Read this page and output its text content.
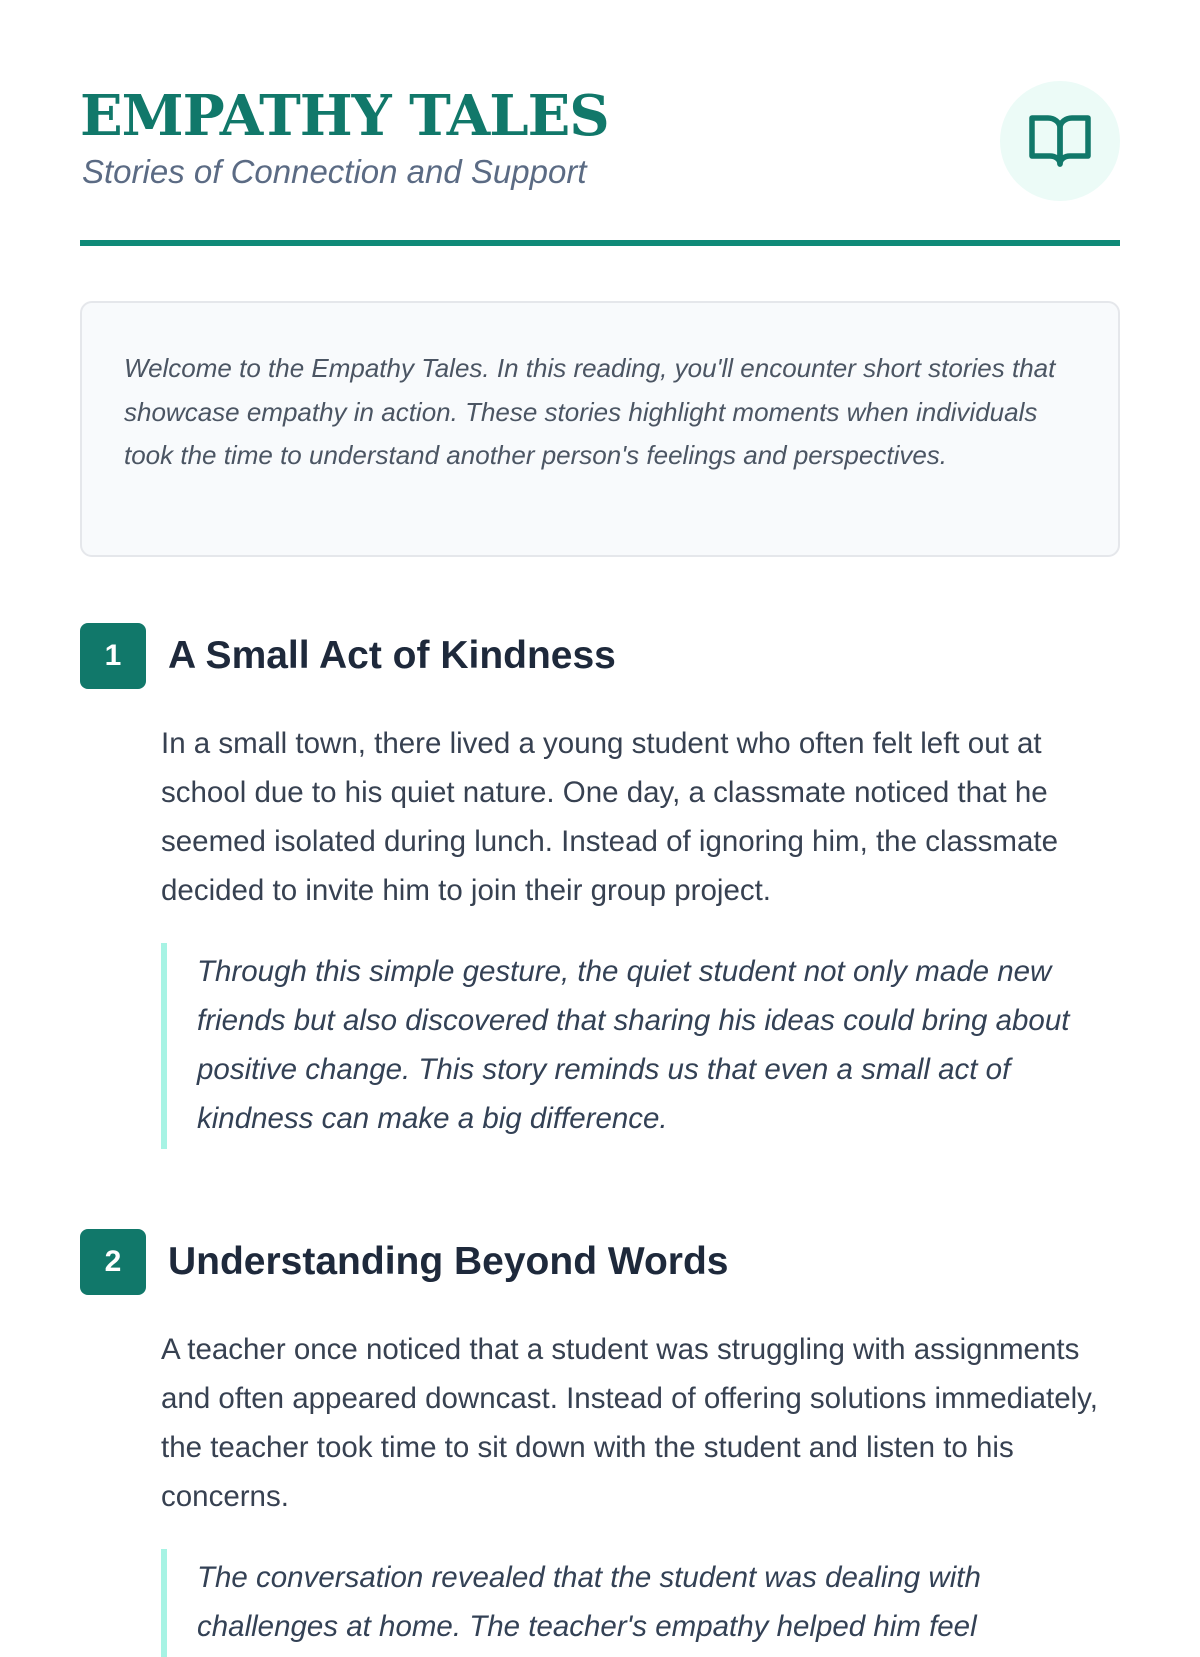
EMPATHY TALES
Stories of Connection and Support

Welcome to the Empathy Tales. In this reading, you'll encounter short stories that showcase empathy in action. These stories highlight moments when individuals took the time to understand another person's feelings and perspectives.

1	A Small Act of Kindness

In a small town, there lived a young student who often felt left out at school due to his quiet nature. One day, a classmate noticed that he seemed isolated during lunch. Instead of ignoring him, the classmate decided to invite him to join their group project.

Through this simple gesture, the quiet student not only made new friends but also discovered that sharing his ideas could bring about positive change. This story reminds us that even a small act of kindness can make a big difference.
2	Understanding Beyond Words

A teacher once noticed that a student was struggling with assignments and often appeared downcast. Instead of offering solutions immediately, the teacher took time to sit down with the student and listen to his concerns.

The conversation revealed that the student was dealing with challenges at home. The teacher's empathy helped him feel
